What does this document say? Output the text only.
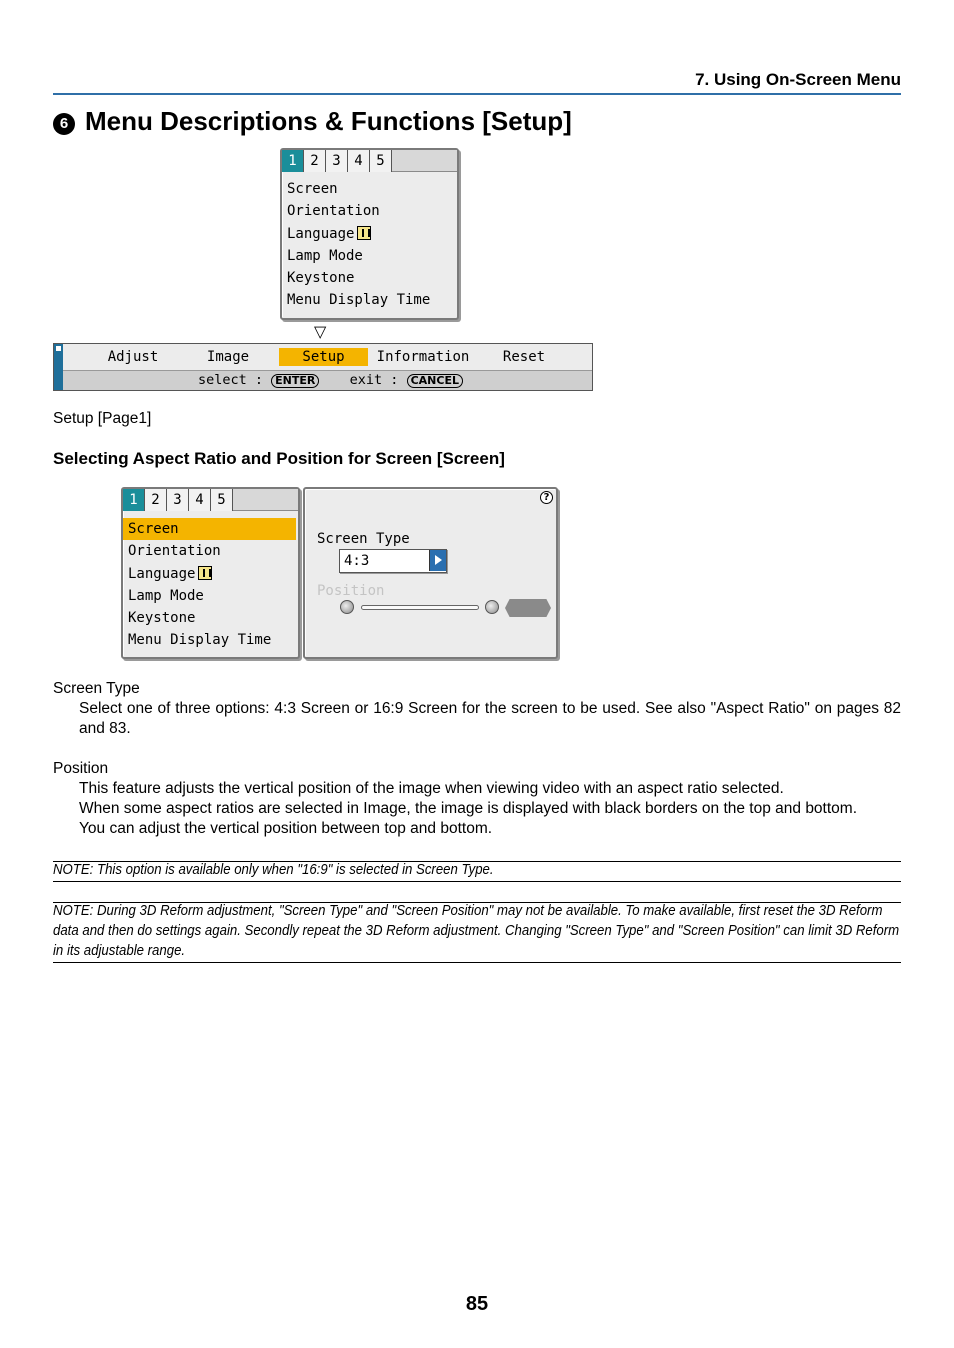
7. Using On-Screen Menu
6 Menu Descriptions & Functions [Setup]
1 2 3 4 5
Screen
Orientation
Language
Lamp Mode
Keystone
Menu Display Time
▽
Adjust	Image	Setup	Information	Reset
select : ENTER	exit : CANCEL
Setup [Page1]
Selecting Aspect Ratio and Position for Screen [Screen]
1 2 3 4 5
Screen
Orientation
Language
Lamp Mode
Keystone
Menu Display Time
?
Screen Type
4:3
Position
Screen Type
Select one of three options: 4:3 Screen or 16:9 Screen for the screen to be used. See also "Aspect Ratio" on pages 82 and 83.
Position
This feature adjusts the vertical position of the image when viewing video with an aspect ratio selected.
When some aspect ratios are selected in Image, the image is displayed with black borders on the top and bottom.
You can adjust the vertical position between top and bottom.
NOTE: This option is available only when "16:9" is selected in Screen Type.
NOTE: During 3D Reform adjustment, "Screen Type" and "Screen Position" may not be available. To make available, first reset the 3D Reform data and then do settings again. Secondly repeat the 3D Reform adjustment. Changing "Screen Type" and "Screen Position" can limit 3D Reform in its adjustable range.
85
